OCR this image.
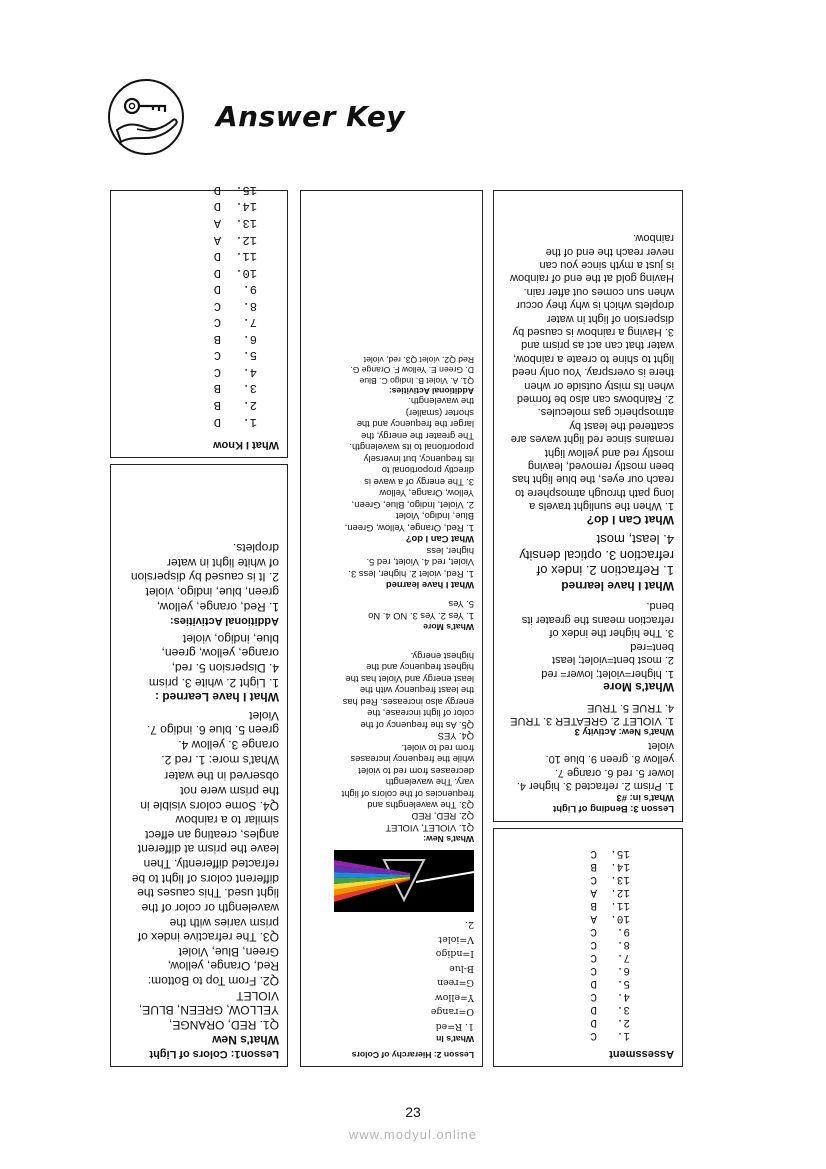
Answer Key
Lesson1: Colors of Light
What's New
Q1. RED, ORANGE,
YELLOW, GREEN, BLUE,
VIOLET
Q2. From Top to Bottom:
Red, Orange, yellow,
Green, Blue, Violet
Q3. The refractive index of
prism varies with the
wavelength or color of the
light used. This causes the
different colors of light to be
refracted differently. Then
leave the prism at different
angles, creating an effect
similar to a rainbow
Q4. Some colors visible in
the prism were not
observed in the water
What's more: 1. red 2.
orange 3. yellow 4.
green 5. blue 6. indigo 7.
Violet
What I have Learned :
1. Light 2. white 3. prism
4. Dispersion 5. red,
orange, yellow, green,
blue, indigo, violet
Additional Activities:
1. Red, orange, yellow,
green, blue, indigo, violet
2. It is caused by dispersion
of white light in water
droplets.
What I Know
1.   D
2.   B
3.   B
4.   C
5.   C
6.   B
7.   C
8.   C
9.   D
10.  D
11.  D
12.  A
13.  A
14.  D
15.  D
Lesson 2: Hierarchy of Colors
What's In
1. R=ed
O=range
Y=ellow
G=reen
B-lue
I=ndigo
V=iolet
2.
What's New:
Q1. VIOLET, VIOLET
Q2. RED, RED
Q3. The wavelengths and
frequencies of the colors of light
vary. The wavelength
decreases from red to violet
while the frequency increases
from red to violet.
Q4. YES
Q5. As the frequency of the
color of light increase, the
energy also increases. Red has
the least frequency with the
least energy and Violet has the
highest frequency and the
highest energy.
What's More
1. Yes 2. Yes 3. NO 4. No
5. Yes
What I have learned
1. Red, violet 2. higher, less 3.
Violet, red 4. Violet, red 5.
higher, less
What Can I do?
1. Red, Orange, Yellow, Green,
Blue, Indigo, Violet
2. Violet, Indigo, Blue, Green,
Yellow, Orange, Yellow
3. The energy of a wave is
directly proportional to
its frequency, but inversely
proportional to its wavelength.
The greater the energy, the
larger the frequency and the
shorter (smaller)
the wavelength.
Additional Activities:
Q1. A. Violet B. Indigo C. Blue
D. Green E. Yellow F. Orange G.
Red Q2. violet Q3. red, violet
Assessment
1.   C
2.   D
3.   D
4.   C
5.   D
6.   C
7.   C
8.   C
9.   C
10.  A
11.  B
12.  A
13.  C
14.  B
15.  C
Lesson 3: Bending of Light
What's in: #3
1. Prism 2. refracted 3. higher 4.
lower 5. red 6. orange 7.
yellow 8. green 9. blue 10.
violet
What's New: Activity 3
1. VIOLET 2. GREATER 3. TRUE
4. TRUE 5. TRUE
What's More
1. higher=violet; lower= red
2. most bent=violet; least
bent=red
3. The higher the index of
refraction means the greater its
bend.
What I have learned
1. Refraction 2. index of
refraction 3. optical density
4. least, most
What Can I do?
1. When the sunlight travels a
long path through atmosphere to
reach our eyes, the blue light has
been mostly removed, leaving
mostly red and yellow light
remains since red light waves are
scattered the least by
atmospheric gas molecules.
2. Rainbows can also be formed
when its misty outside or when
there is overspray. You only need
light to shine to create a rainbow,
water that can act as prism and
3. Having a rainbow is caused by
dispersion of light in water
droplets which is why they occur
when sun comes out after rain.
Having gold at the end of rainbow
is just a myth since you can
never reach the end of the
rainbow.
23
www.modyul.online
